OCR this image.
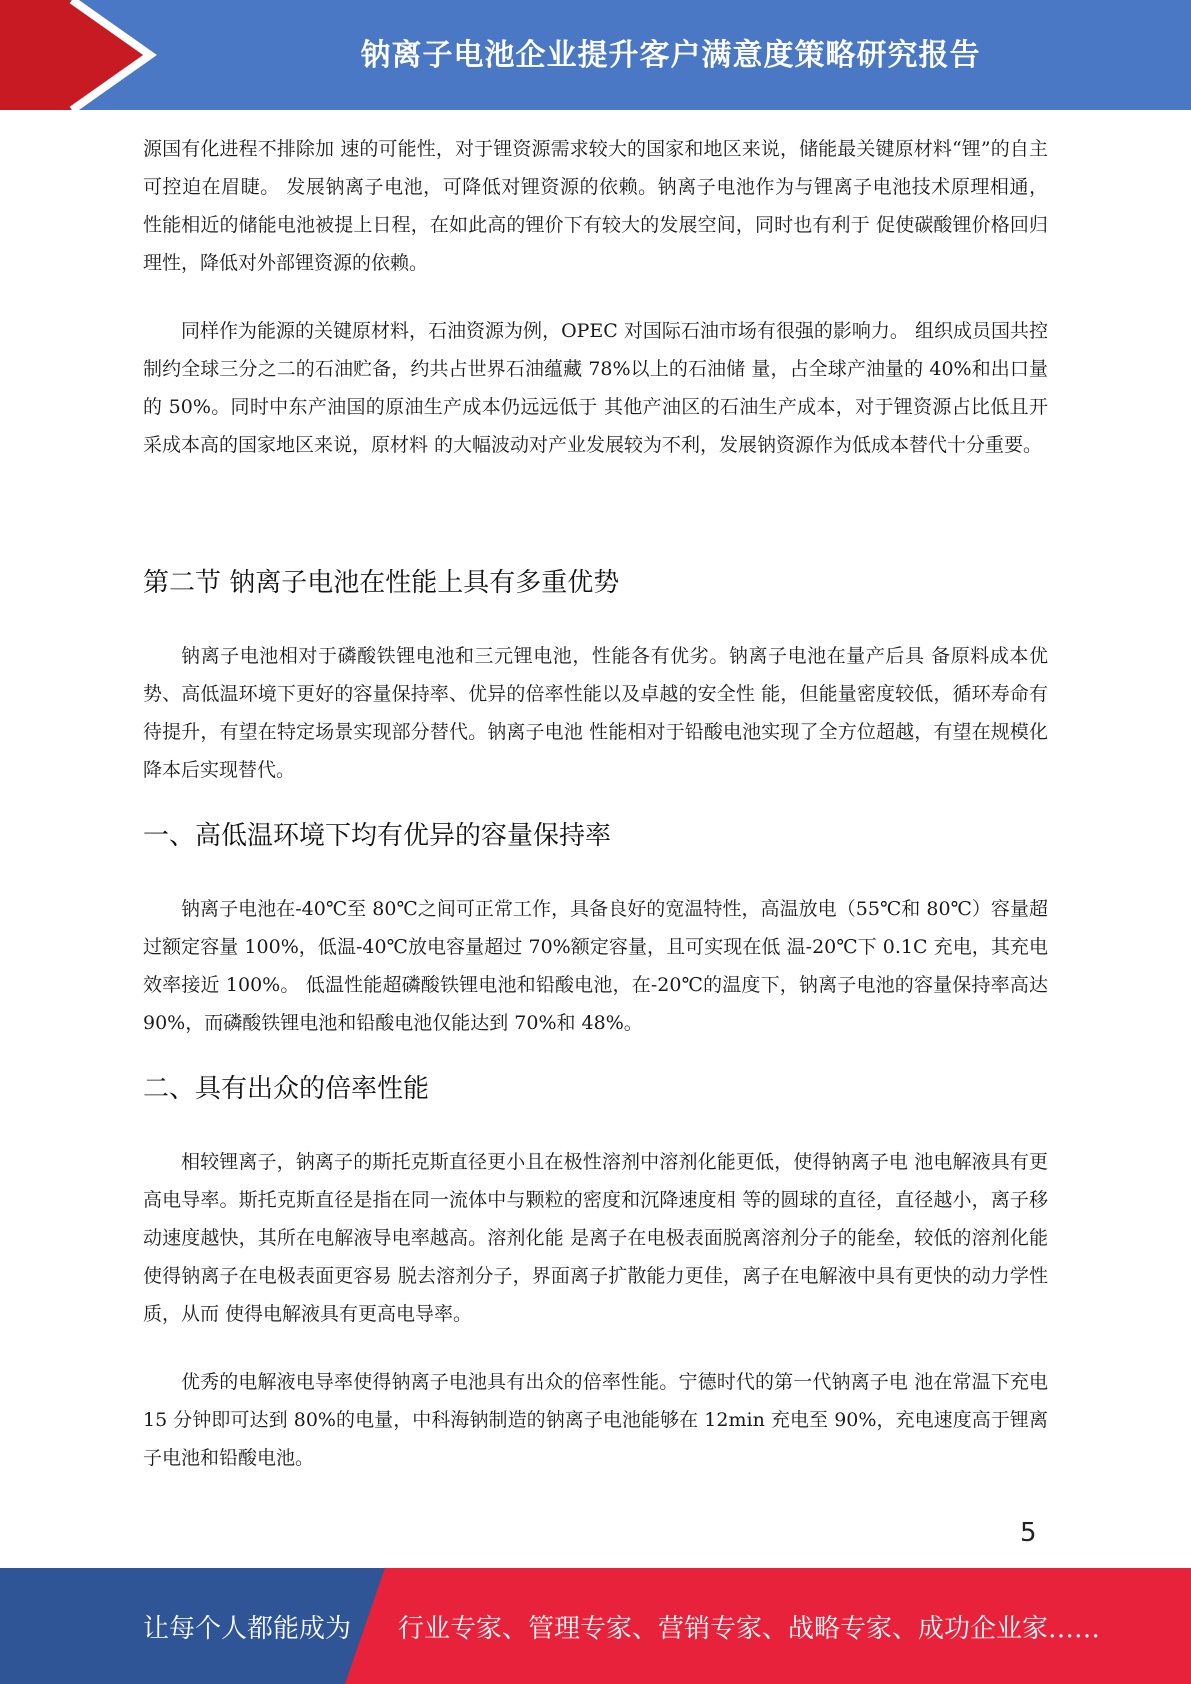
钠离子电池企业提升客户满意度策略研究报告

源国有化进程不排除加 速的可能性，对于锂资源需求较大的国家和地区来说，储能最关键原材料“锂”的自主 可控迫在眉睫。 发展钠离子电池，可降低对锂资源的依赖。钠离子电池作为与锂离子电池技术原理相通， 性能相近的储能电池被提上日程，在如此高的锂价下有较大的发展空间，同时也有利于 促使碳酸锂价格回归理性，降低对外部锂资源的依赖。

同样作为能源的关键原材料，石油资源为例，OPEC 对国际石油市场有很强的影响力。 组织成员国共控制约全球三分之二的石油贮备，约共占世界石油蕴藏 78%以上的石油储 量，占全球产油量的 40%和出口量的 50%。同时中东产油国的原油生产成本仍远远低于 其他产油区的石油生产成本，对于锂资源占比低且开采成本高的国家地区来说，原材料 的大幅波动对产业发展较为不利，发展钠资源作为低成本替代十分重要。

第二节 钠离子电池在性能上具有多重优势

钠离子电池相对于磷酸铁锂电池和三元锂电池，性能各有优劣。钠离子电池在量产后具 备原料成本优势、高低温环境下更好的容量保持率、优异的倍率性能以及卓越的安全性 能，但能量密度较低，循环寿命有待提升，有望在特定场景实现部分替代。钠离子电池 性能相对于铅酸电池实现了全方位超越，有望在规模化降本后实现替代。

一、高低温环境下均有优异的容量保持率

钠离子电池在-40℃至 80℃之间可正常工作，具备良好的宽温特性，高温放电（55℃和 80℃）容量超过额定容量 100%，低温-40℃放电容量超过 70%额定容量，且可实现在低 温-20℃下 0.1C 充电，其充电效率接近 100%。 低温性能超磷酸铁锂电池和铅酸电池，在-20℃的温度下，钠离子电池的容量保持率高达 90%，而磷酸铁锂电池和铅酸电池仅能达到 70%和 48%。

二、具有出众的倍率性能

相较锂离子，钠离子的斯托克斯直径更小且在极性溶剂中溶剂化能更低，使得钠离子电 池电解液具有更高电导率。斯托克斯直径是指在同一流体中与颗粒的密度和沉降速度相 等的圆球的直径，直径越小，离子移动速度越快，其所在电解液导电率越高。溶剂化能 是离子在电极表面脱离溶剂分子的能垒，较低的溶剂化能使得钠离子在电极表面更容易 脱去溶剂分子，界面离子扩散能力更佳，离子在电解液中具有更快的动力学性质，从而 使得电解液具有更高电导率。

优秀的电解液电导率使得钠离子电池具有出众的倍率性能。宁德时代的第一代钠离子电 池在常温下充电 15 分钟即可达到 80%的电量，中科海钠制造的钠离子电池能够在 12min 充电至 90%，充电速度高于锂离子电池和铅酸电池。

5
让每个人都能成为 行业专家、管理专家、营销专家、战略专家、成功企业家……
